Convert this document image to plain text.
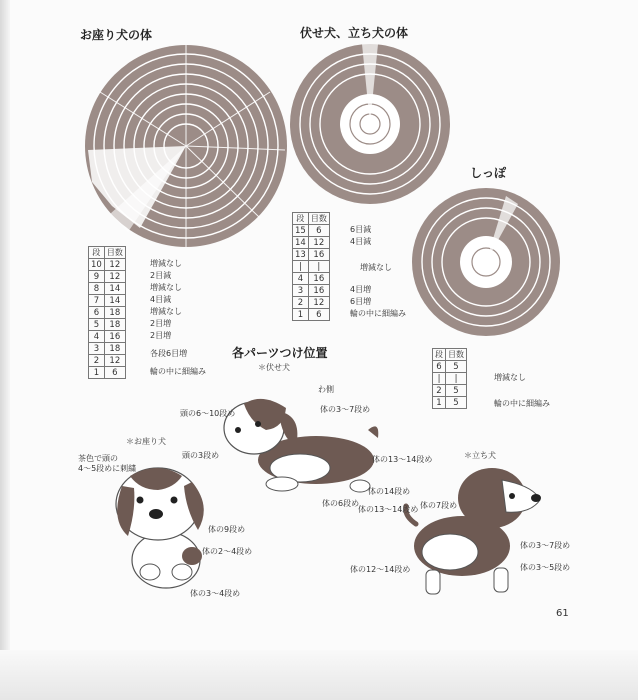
お座り犬の体	伏せ犬、立ち犬の体
しっぽ
各パーツつけ位置
段	目数
10	12
9	12
8	14
7	14
6	18
5	18
4	16
3	18
2	12
1	6
増減なし
2目減
増減なし
4目減
増減なし
2目増
2目増
各段6目増
輪の中に細編み
段	目数
15	6
14	12
13	16
|	|
4	16
3	16
2	12
1	6
6目減
4目減
増減なし
4目増
6目増
輪の中に細編み
段	目数
6	5
|	|
2	5
1	5
増減なし
輪の中に細編み
＊お座り犬
茶色で頭の
4～5段めに刺繍
頭の3段め
体の9段め
体の2～4段め
体の3～4段め
＊伏せ犬
わ側
頭の6～10段め	体の3～7段め
体の13～14段め
体の14段め
体の6段め
＊立ち犬
体の7段め
体の13～14段め
体の3～7段め
体の3～5段め
体の12～14段め
61
